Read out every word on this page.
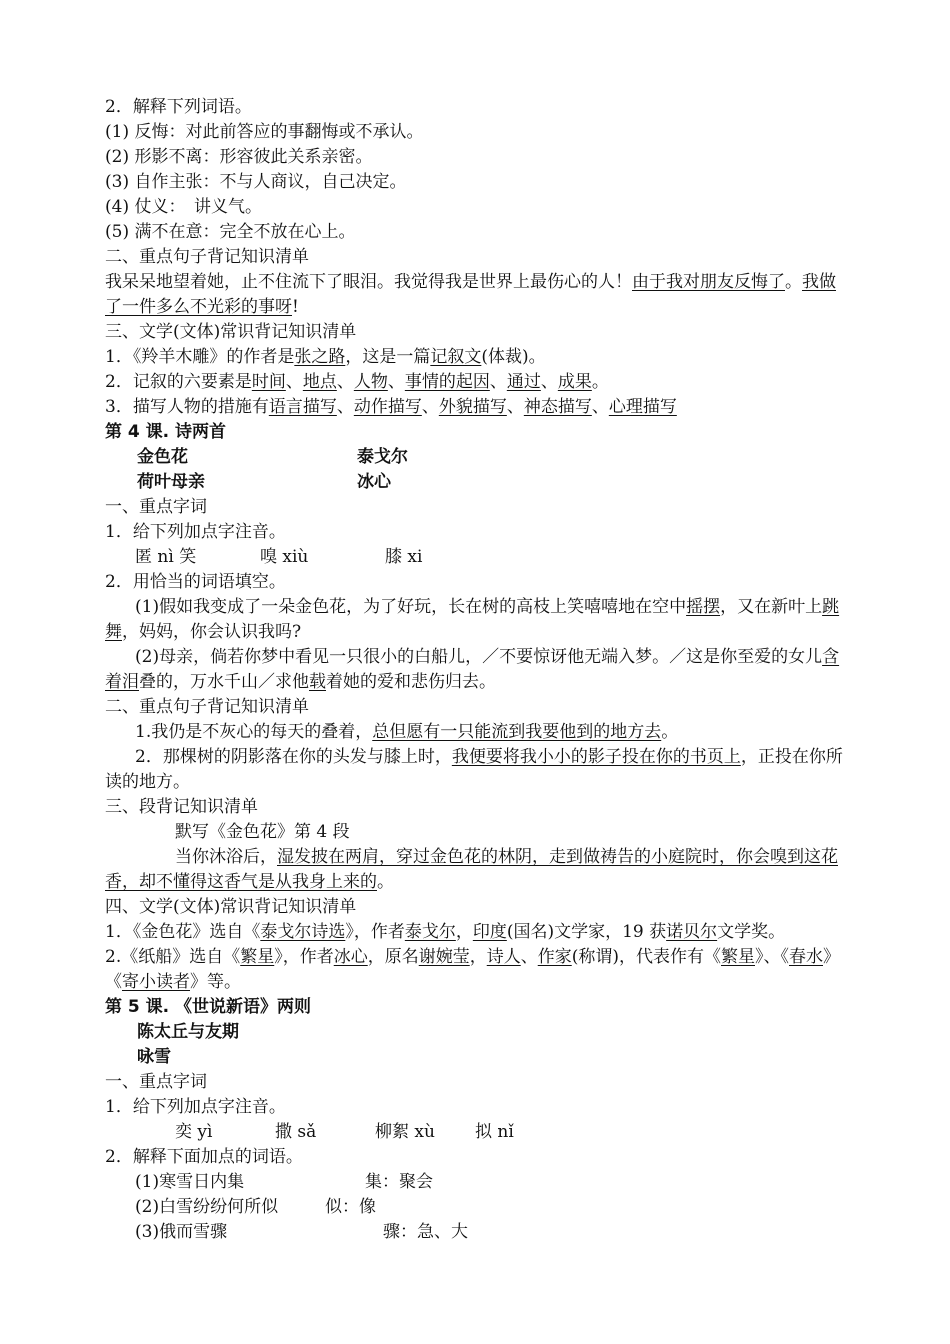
2．解释下列词语。
(1) 反悔：对此前答应的事翻悔或不承认。
(2) 形影不离：形容彼此关系亲密。
(3) 自作主张：不与人商议，自己决定。
(4) 仗义：　讲义气。
(5) 满不在意：完全不放在心上。
二、重点句子背记知识清单
我呆呆地望着她，止不住流下了眼泪。我觉得我是世界上最伤心的人！由于我对朋友反悔了。我做了一件多么不光彩的事呀!
三、文学(文体)常识背记知识清单
1．《羚羊木雕》的作者是张之路，这是一篇记叙文(体裁)。
2．记叙的六要素是时间、地点、人物、事情的起因、通过、成果。
3．描写人物的措施有语言描写、动作描写、外貌描写、神态描写、心理描写
第 4 课. 诗两首
金色花	泰戈尔
荷叶母亲	冰心
一、重点字词
1．给下列加点字注音。
匿 nì 笑	嗅 xiù	膝 xi
2．用恰当的词语填空。
(1)假如我变成了一朵金色花，为了好玩，长在树的高枝上笑嘻嘻地在空中摇摆，又在新叶上跳舞，妈妈，你会认识我吗?
(2)母亲，倘若你梦中看见一只很小的白船儿，／不要惊讶他无端入梦。／这是你至爱的女儿含着泪叠的，万水千山／求他载着她的爱和悲伤归去。
二、重点句子背记知识清单
1.我仍是不灰心的每天的叠着，总但愿有一只能流到我要他到的地方去。
2．那棵树的阴影落在你的头发与膝上时，我便要将我小小的影子投在你的书页上，正投在你所读的地方。
三、段背记知识清单
默写《金色花》第 4 段
当你沐浴后，湿发披在两肩，穿过金色花的林阴，走到做祷告的小庭院时，你会嗅到这花香，却不懂得这香气是从我身上来的。
四、文学(文体)常识背记知识清单
1．《金色花》选自《泰戈尔诗选》，作者泰戈尔，印度(国名)文学家，19 获诺贝尔文学奖。
2.《纸船》选自《繁星》，作者冰心，原名谢婉莹，诗人、作家(称谓)，代表作有《繁星》、《春水》《寄小读者》等。
第 5 课. 《世说新语》两则
陈太丘与友期
咏雪
一、重点字词
1．给下列加点字注音。
奕 yì	撒 sǎ	柳絮 xù 拟 nǐ
2．解释下面加点的词语。
(1)寒雪日内集	集：聚会
(2)白雪纷纷何所似	似：像
(3)俄而雪骤	骤：急、大
